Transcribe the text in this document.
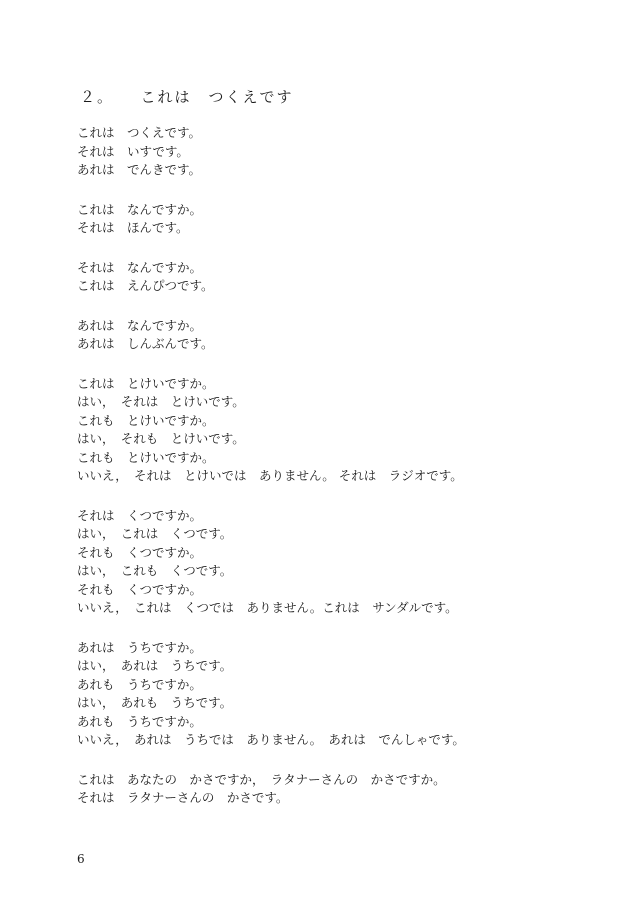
２。　　これは　つくえです
これは　つくえです。
それは　いすです。
あれは　でんきです。
これは　なんですか。
それは　ほんです。
それは　なんですか。
これは　えんぴつです。
あれは　なんですか。
あれは　しんぶんです。
これは　とけいですか。
はい，　それは　とけいです。
これも　とけいですか。
はい，　それも　とけいです。
これも　とけいですか。
いいえ，　それは　とけいでは　ありません。 それは　ラジオです。
それは　くつですか。
はい，　これは　くつです。
それも　くつですか。
はい，　これも　くつです。
それも　くつですか。
いいえ，　これは　くつでは　ありません。これは　サンダルです。
あれは　うちですか。
はい，　あれは　うちです。
あれも　うちですか。
はい，　あれも　うちです。
あれも　うちですか。
いいえ，　あれは　うちでは　ありません。　あれは　でんしゃです。
これは　あなたの　かさですか，　ラタナーさんの　かさですか。
それは　ラタナーさんの　かさです。
6
